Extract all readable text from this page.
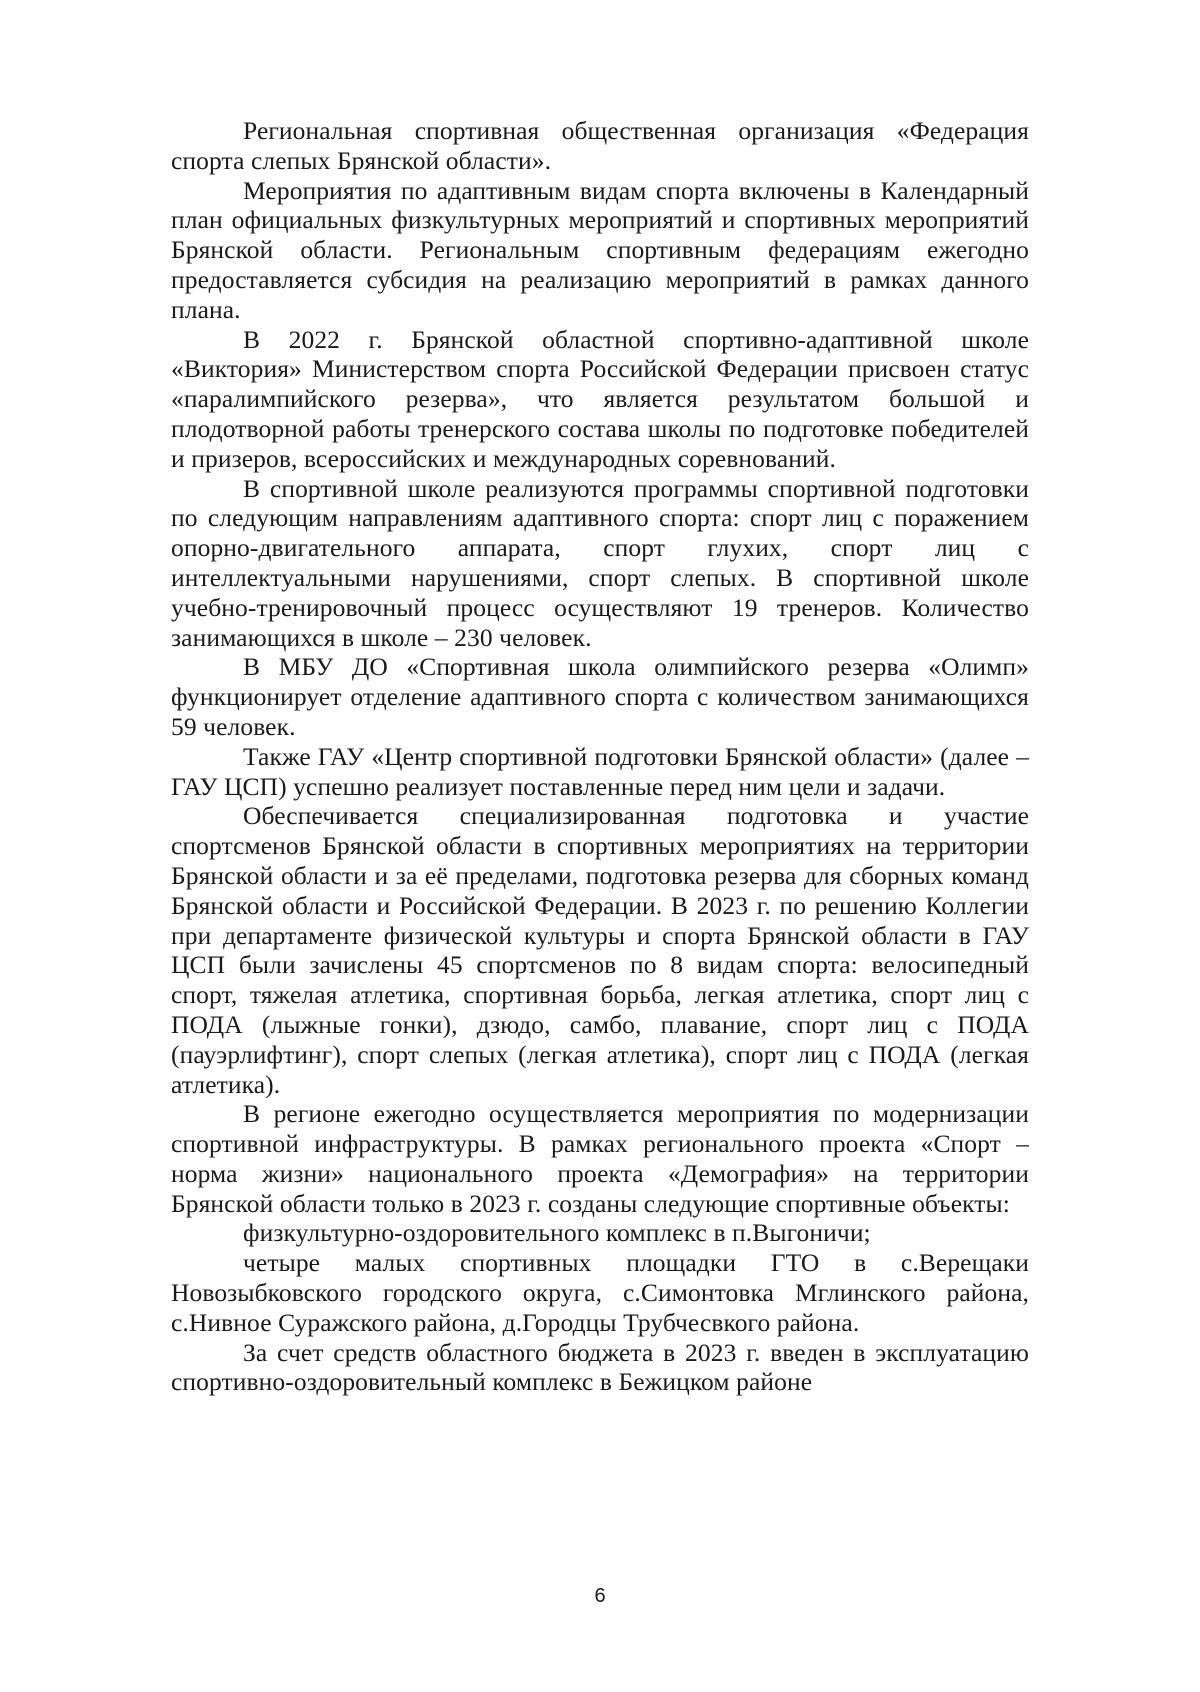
Региональная спортивная общественная организация «Федерация спорта слепых Брянской области».

Мероприятия по адаптивным видам спорта включены в Календарный план официальных физкультурных мероприятий и спортивных мероприятий Брянской области. Региональным спортивным федерациям ежегодно предоставляется субсидия на реализацию мероприятий в рамках данного плана.

В 2022 г. Брянской областной спортивно-адаптивной школе «Виктория» Министерством спорта Российской Федерации присвоен статус «паралимпийского резерва», что является результатом большой и плодотворной работы тренерского состава школы по подготовке победителей и призеров, всероссийских и международных соревнований.

В спортивной школе реализуются программы спортивной подготовки по следующим направлениям адаптивного спорта: спорт лиц с поражением опорно-двигательного аппарата, спорт глухих, спорт лиц с интеллектуальными нарушениями, спорт слепых. В спортивной школе учебно-тренировочный процесс осуществляют 19 тренеров. Количество занимающихся в школе – 230 человек.

В МБУ ДО «Спортивная школа олимпийского резерва «Олимп» функционирует отделение адаптивного спорта с количеством занимающихся 59 человек.

Также ГАУ «Центр спортивной подготовки Брянской области» (далее – ГАУ ЦСП) успешно реализует поставленные перед ним цели и задачи.

Обеспечивается специализированная подготовка и участие спортсменов Брянской области в спортивных мероприятиях на территории Брянской области и за её пределами, подготовка резерва для сборных команд Брянской области и Российской Федерации. В 2023 г. по решению Коллегии при департаменте физической культуры и спорта Брянской области в ГАУ ЦСП были зачислены 45 спортсменов по 8 видам спорта: велосипедный спорт, тяжелая атлетика, спортивная борьба, легкая атлетика, спорт лиц с ПОДА (лыжные гонки), дзюдо, самбо, плавание, спорт лиц с ПОДА (пауэрлифтинг), спорт слепых (легкая атлетика), спорт лиц с ПОДА (легкая атлетика).

В регионе ежегодно осуществляется мероприятия по модернизации спортивной инфраструктуры. В рамках регионального проекта «Спорт – норма жизни» национального проекта «Демография» на территории Брянской области только в 2023 г. созданы следующие спортивные объекты:

физкультурно-оздоровительного комплекс в п.Выгоничи;

четыре малых спортивных площадки ГТО в с.Верещаки Новозыбковского городского округа, с.Симонтовка Мглинского района, с.Нивное Суражского района, д.Городцы Трубчесвкого района.

За счет средств областного бюджета в 2023 г. введен в эксплуатацию спортивно-оздоровительный комплекс в Бежицком районе

6
